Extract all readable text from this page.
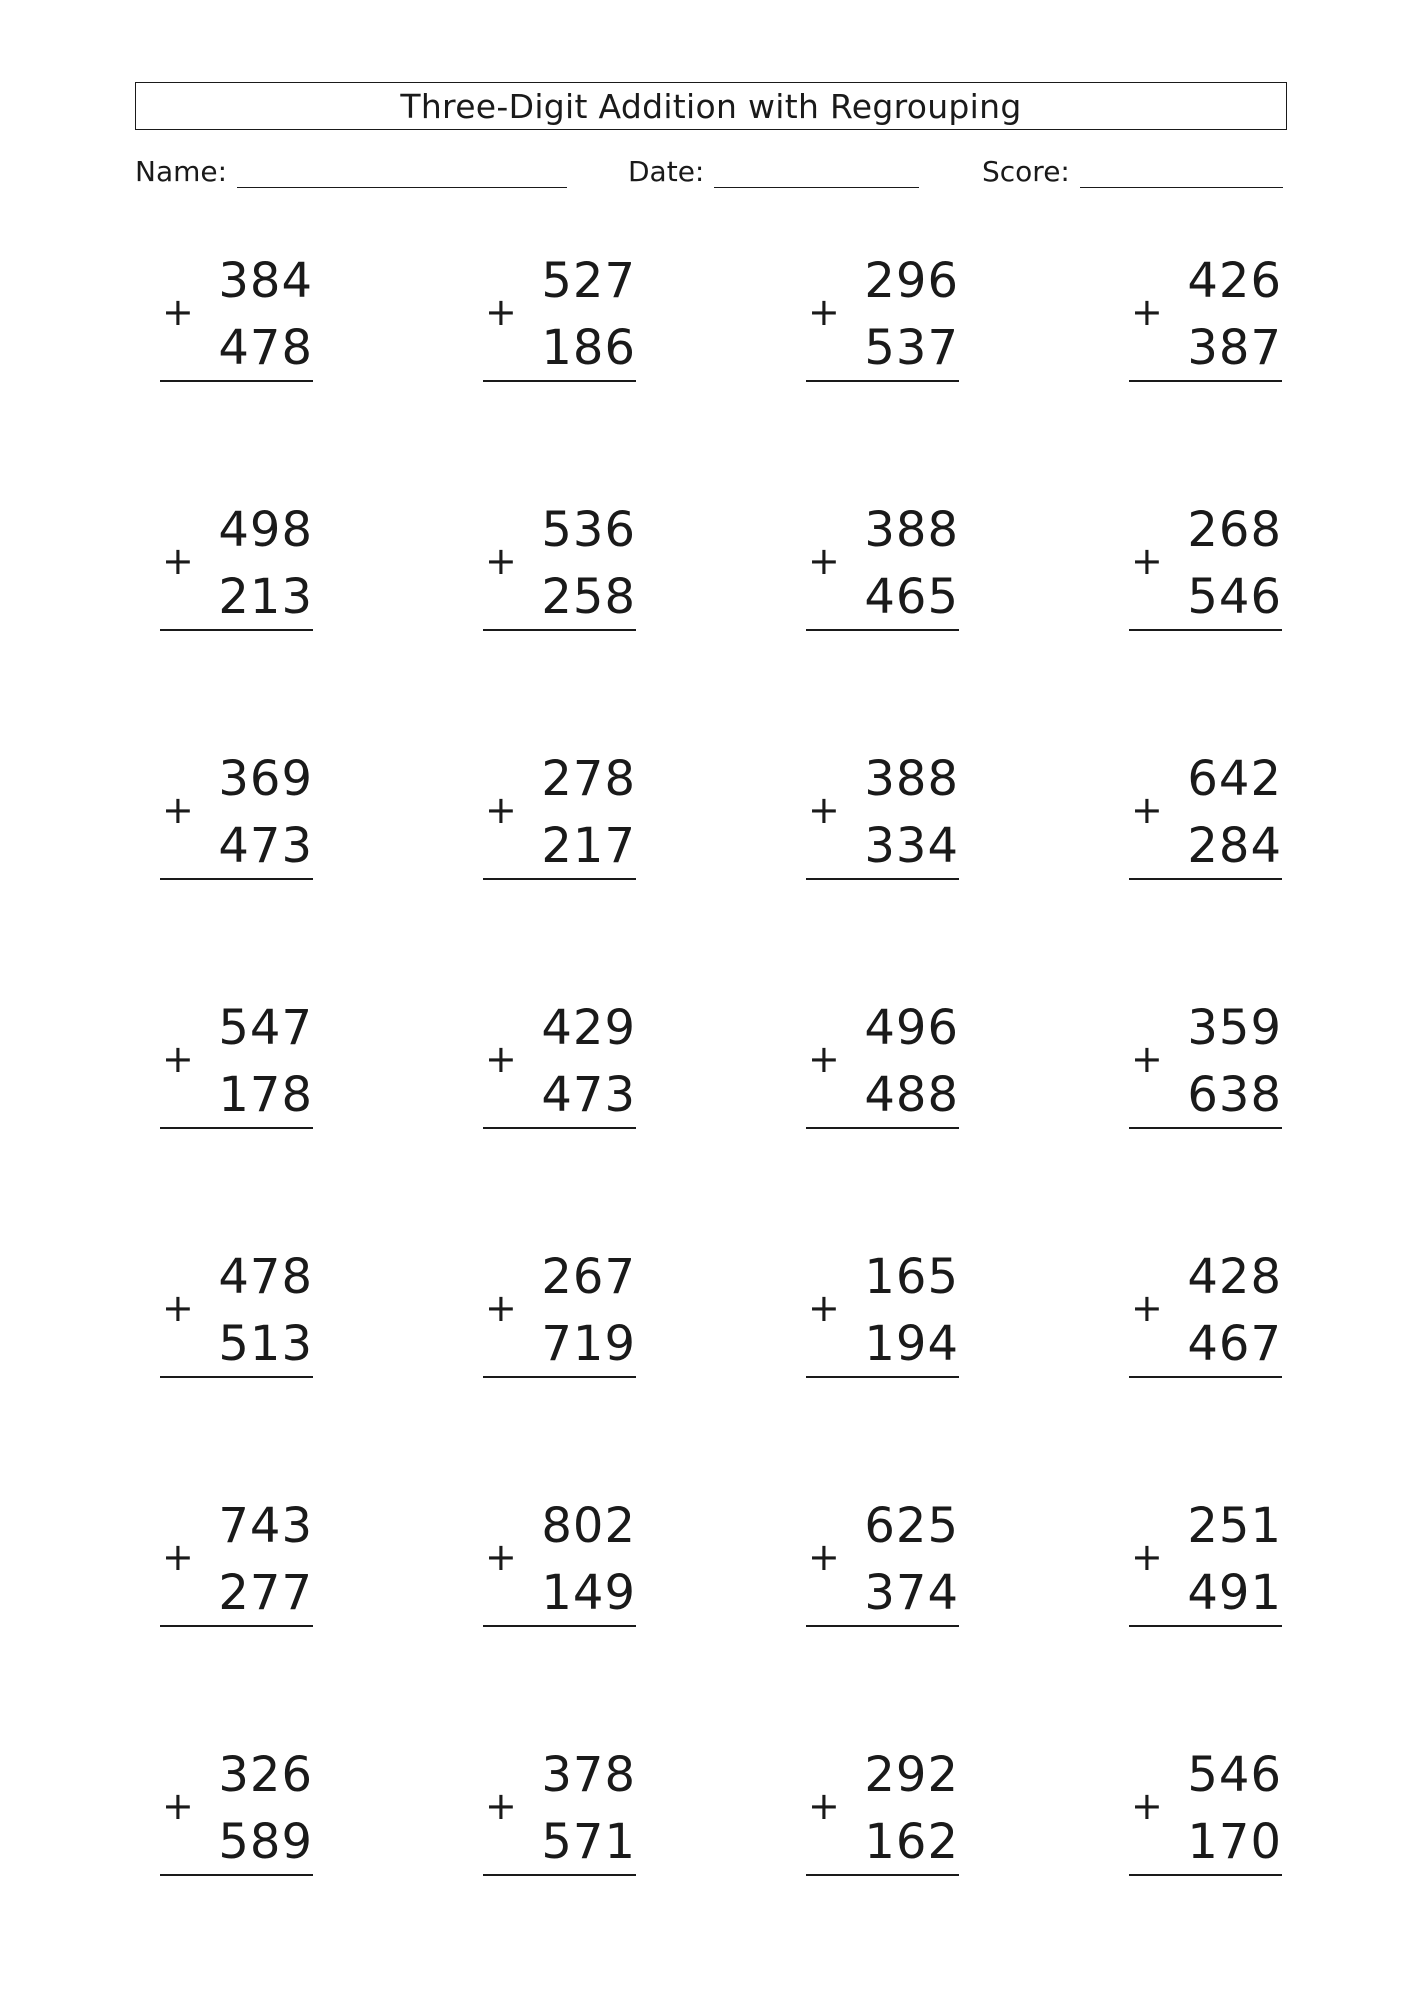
Three-Digit Addition with Regrouping
Name:	Date:	Score:
384
+
478
527
+
186
296
+
537
426
+
387
498
+
213
536
+
258
388
+
465
268
+
546
369
+
473
278
+
217
388
+
334
642
+
284
547
+
178
429
+
473
496
+
488
359
+
638
478
+
513
267
+
719
165
+
194
428
+
467
743
+
277
802
+
149
625
+
374
251
+
491
326
+
589
378
+
571
292
+
162
546
+
170
